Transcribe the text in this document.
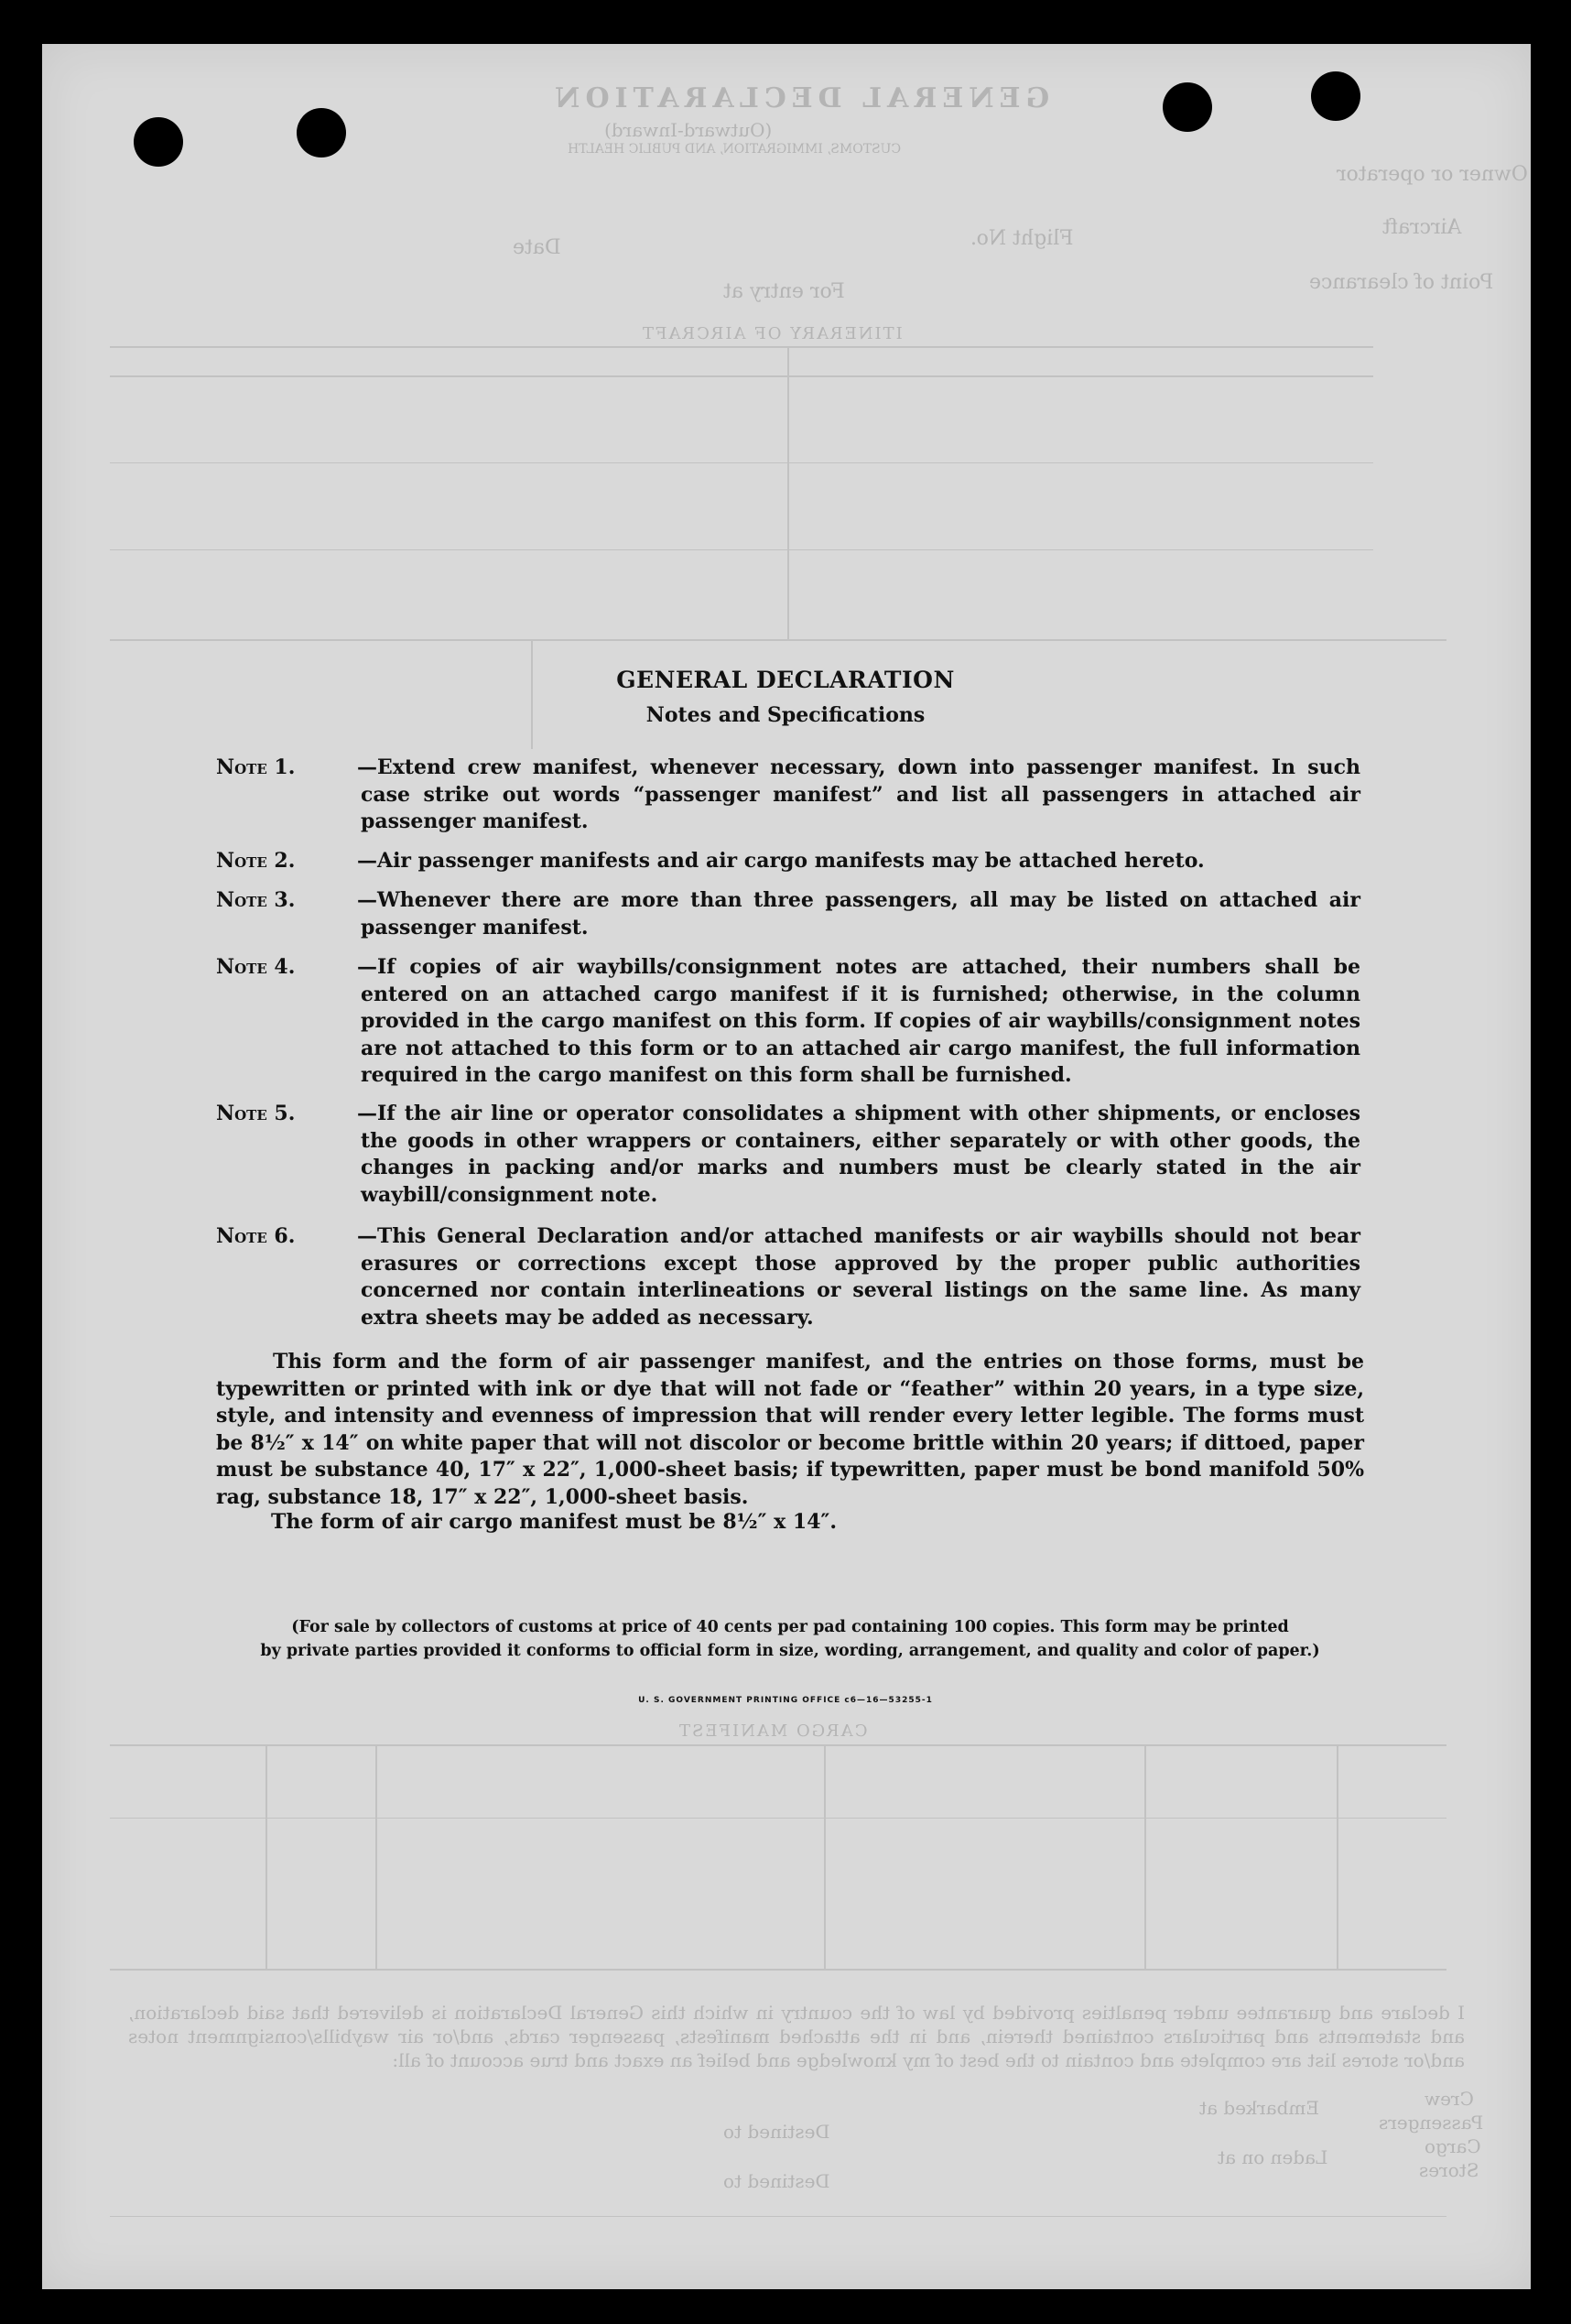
GENERAL DECLARATION
(Outward-Inward)
CUSTOMS, IMMIGRATION, AND PUBLIC HEALTH
Owner or operator
Aircraft
Flight No.
Date
Point of clearance
For entry at
ITINERARY OF AIRCRAFT
CARGO MANIFEST
I declare and guarantee under penalties provided by law of the country in which this General Declaration is delivered that said declaration, and statements and particulars contained therein, and in the attached manifests, passenger cards, and/or air waybills/consignment notes and/or stores list are complete and contain to the best of my knowledge and belief an exact and true account of all:
Crew
Passengers
Cargo
Stores
Embarked at
Laden on at
Destined to
Destined to
GENERAL DECLARATION
Notes and Specifications
Note 1.	—Extend crew manifest, whenever necessary, down into passenger manifest. In such case strike out words “passenger manifest” and list all passengers in attached air passenger manifest.
Note 2.	—Air passenger manifests and air cargo manifests may be attached hereto.
Note 3.	—Whenever there are more than three passengers, all may be listed on attached air passenger manifest.
Note 4.	—If copies of air waybills/consignment notes are attached, their numbers shall be entered on an attached cargo manifest if it is furnished; otherwise, in the column provided in the cargo manifest on this form. If copies of air waybills/consignment notes are not attached to this form or to an attached air cargo manifest, the full information required in the cargo manifest on this form shall be furnished.
Note 5.	—If the air line or operator consolidates a shipment with other shipments, or encloses the goods in other wrappers or containers, either separately or with other goods, the changes in packing and/or marks and numbers must be clearly stated in the air waybill/consignment note.
Note 6.	—This General Declaration and/or attached manifests or air waybills should not bear erasures or corrections except those approved by the proper public authorities concerned nor contain interlineations or several listings on the same line. As many extra sheets may be added as necessary.
This form and the form of air passenger manifest, and the entries on those forms, must be typewritten or printed with ink or dye that will not fade or “feather” within 20 years, in a type size, style, and intensity and evenness of impression that will render every letter legible. The forms must be 8½″ x 14″ on white paper that will not discolor or become brittle within 20 years; if dittoed, paper must be substance 40, 17″ x 22″, 1,000-sheet basis; if typewritten, paper must be bond manifold 50% rag, substance 18, 17″ x 22″, 1,000-sheet basis.
The form of air cargo manifest must be 8½″ x 14″.
(For sale by collectors of customs at price of 40 cents per pad containing 100 copies. This form may be printed
by private parties provided it conforms to official form in size, wording, arrangement, and quality and color of paper.)
U. S. GOVERNMENT PRINTING OFFICE c6—16—53255-1
